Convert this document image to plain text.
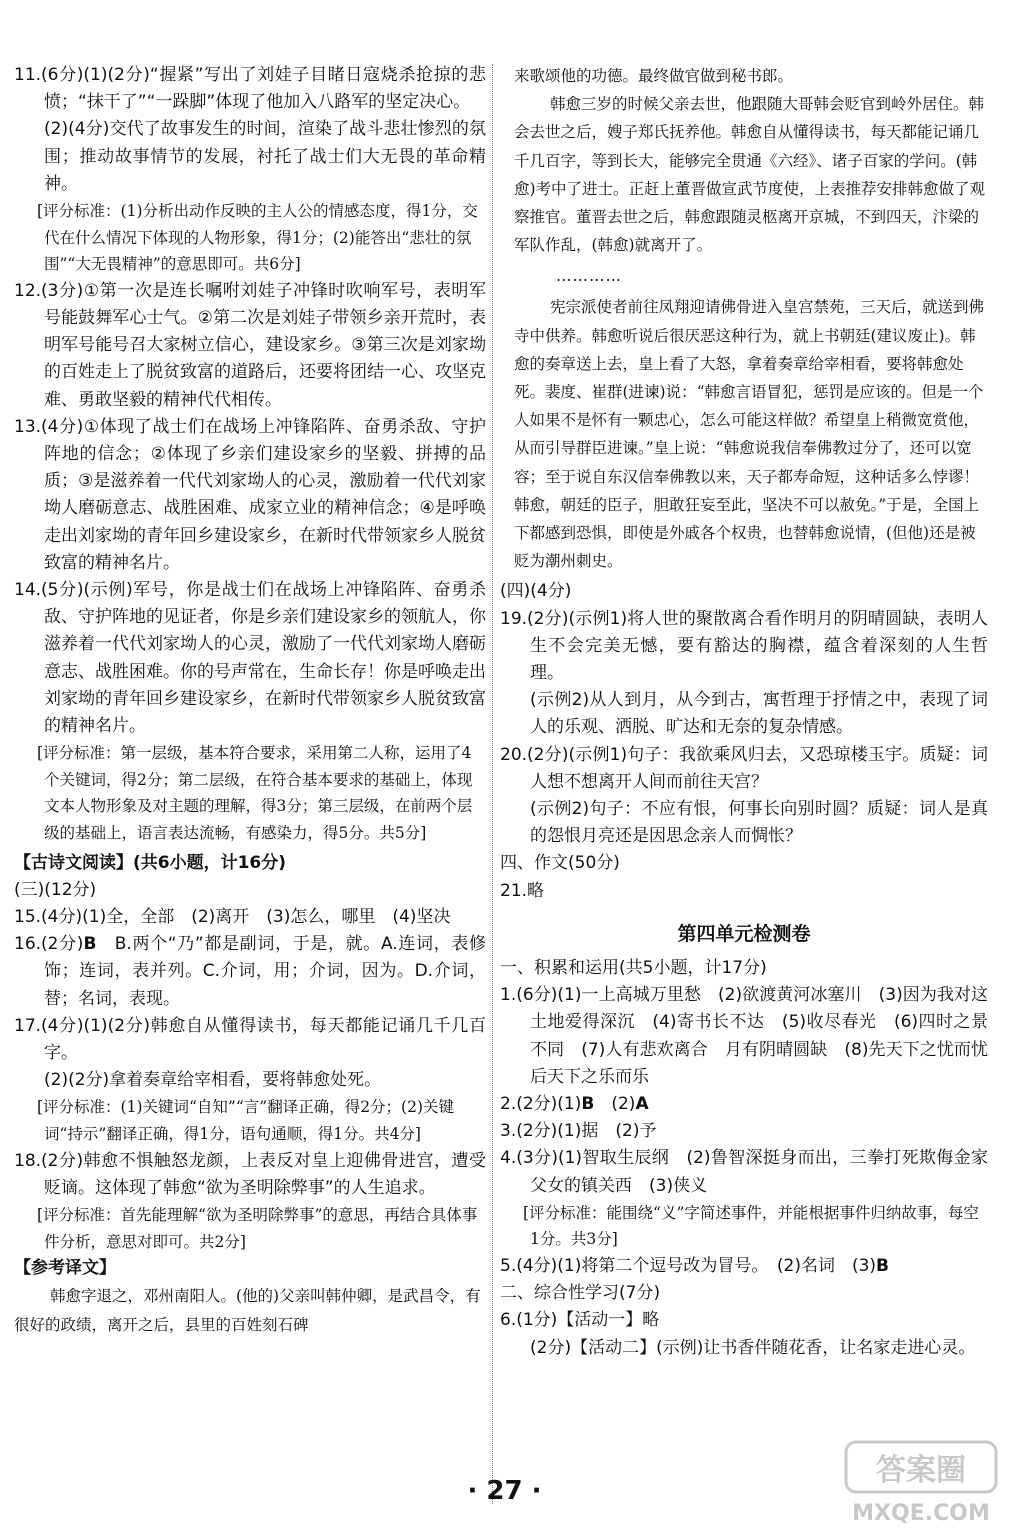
11.(6分)(1)(2分)“握紧”写出了刘娃子目睹日寇烧杀抢掠的悲愤；“抹干了”“一跺脚”体现了他加入八路军的坚定决心。
(2)(4分)交代了故事发生的时间，渲染了战斗悲壮惨烈的氛围；推动故事情节的发展，衬托了战士们大无畏的革命精神。
[评分标准：(1)分析出动作反映的主人公的情感态度，得1分，交代在什么情况下体现的人物形象，得1分；(2)能答出“悲壮的氛围”“大无畏精神”的意思即可。共6分]
12.(3分)①第一次是连长嘱咐刘娃子冲锋时吹响军号，表明军号能鼓舞军心士气。②第二次是刘娃子带领乡亲开荒时，表明军号能号召大家树立信心，建设家乡。③第三次是刘家坳的百姓走上了脱贫致富的道路后，还要将团结一心、攻坚克难、勇敢坚毅的精神代代相传。
13.(4分)①体现了战士们在战场上冲锋陷阵、奋勇杀敌、守护阵地的信念；②体现了乡亲们建设家乡的坚毅、拼搏的品质；③是滋养着一代代刘家坳人的心灵，激励着一代代刘家坳人磨砺意志、战胜困难、成家立业的精神信念；④是呼唤走出刘家坳的青年回乡建设家乡，在新时代带领家乡人脱贫致富的精神名片。
14.(5分)(示例)军号，你是战士们在战场上冲锋陷阵、奋勇杀敌、守护阵地的见证者，你是乡亲们建设家乡的领航人，你滋养着一代代刘家坳人的心灵，激励了一代代刘家坳人磨砺意志、战胜困难。你的号声常在，生命长存！你是呼唤走出刘家坳的青年回乡建设家乡，在新时代带领家乡人脱贫致富的精神名片。
[评分标准：第一层级，基本符合要求，采用第二人称，运用了4个关键词，得2分；第二层级，在符合基本要求的基础上，体现文本人物形象及对主题的理解，得3分；第三层级，在前两个层级的基础上，语言表达流畅，有感染力，得5分。共5分]
【古诗文阅读】(共6小题，计16分)
(三)(12分)
15.(4分)(1)全，全部　(2)离开　(3)怎么，哪里　(4)坚决
16.(2分)B　B.两个“乃”都是副词，于是，就。A.连词，表修饰；连词，表并列。C.介词，用；介词，因为。D.介词，替；名词，表现。
17.(4分)(1)(2分)韩愈自从懂得读书，每天都能记诵几千几百字。
(2)(2分)拿着奏章给宰相看，要将韩愈处死。
[评分标准：(1)关键词“自知”“言”翻译正确，得2分；(2)关键词“持示”翻译正确，得1分，语句通顺，得1分。共4分]
18.(2分)韩愈不惧触怒龙颜，上表反对皇上迎佛骨进宫，遭受贬谪。这体现了韩愈“欲为圣明除弊事”的人生追求。
[评分标准：首先能理解“欲为圣明除弊事”的意思，再结合具体事件分析，意思对即可。共2分]
【参考译文】
韩愈字退之，邓州南阳人。(他的)父亲叫韩仲卿，是武昌令，有很好的政绩，离开之后，县里的百姓刻石碑
来歌颂他的功德。最终做官做到秘书郎。
韩愈三岁的时候父亲去世，他跟随大哥韩会贬官到岭外居住。韩会去世之后，嫂子郑氏抚养他。韩愈自从懂得读书，每天都能记诵几千几百字，等到长大，能够完全贯通《六经》、诸子百家的学问。(韩愈)考中了进士。正赶上董晋做宣武节度使，上表推荐安排韩愈做了观察推官。董晋去世之后，韩愈跟随灵柩离开京城，不到四天，汴梁的军队作乱，(韩愈)就离开了。
…………
宪宗派使者前往凤翔迎请佛骨进入皇宫禁苑，三天后，就送到佛寺中供养。韩愈听说后很厌恶这种行为，就上书朝廷(建议废止)。韩愈的奏章送上去，皇上看了大怒，拿着奏章给宰相看，要将韩愈处死。裴度、崔群(进谏)说：“韩愈言语冒犯，惩罚是应该的。但是一个人如果不是怀有一颗忠心，怎么可能这样做？希望皇上稍微宽赏他，从而引导群臣进谏。”皇上说：“韩愈说我信奉佛教过分了，还可以宽容；至于说自东汉信奉佛教以来，天子都寿命短，这种话多么悖谬！韩愈，朝廷的臣子，胆敢狂妄至此，坚决不可以赦免。”于是，全国上下都感到恐惧，即使是外戚各个权贵，也替韩愈说情，(但他)还是被贬为潮州刺史。
(四)(4分)
19.(2分)(示例1)将人世的聚散离合看作明月的阴晴圆缺，表明人生不会完美无憾，要有豁达的胸襟，蕴含着深刻的人生哲理。
(示例2)从人到月，从今到古，寓哲理于抒情之中，表现了词人的乐观、洒脱、旷达和无奈的复杂情感。
20.(2分)(示例1)句子：我欲乘风归去，又恐琼楼玉宇。质疑：词人想不想离开人间而前往天宫？
(示例2)句子：不应有恨，何事长向别时圆？质疑：词人是真的怨恨月亮还是因思念亲人而惆怅？
四、作文(50分)
21.略
第四单元检测卷
一、积累和运用(共5小题，计17分)
1.(6分)(1)一上高城万里愁　(2)欲渡黄河冰塞川　(3)因为我对这土地爱得深沉　(4)寄书长不达　(5)收尽春光　(6)四时之景不同　(7)人有悲欢离合　月有阴晴圆缺　(8)先天下之忧而忧　后天下之乐而乐
2.(2分)(1)B　(2)A
3.(2分)(1)据　(2)予
4.(3分)(1)智取生辰纲　(2)鲁智深挺身而出，三拳打死欺侮金家父女的镇关西　(3)侠义
[评分标准：能围绕“义”字简述事件，并能根据事件归纳故事，每空1分。共3分]
5.(4分)(1)将第二个逗号改为冒号。　(2)名词　(3)B
二、综合性学习(7分)
6.(1分)【活动一】略
(2分)【活动二】(示例)让书香伴随花香，让名家走进心灵。
· 27 ·
答案圈
MXQE.COM
